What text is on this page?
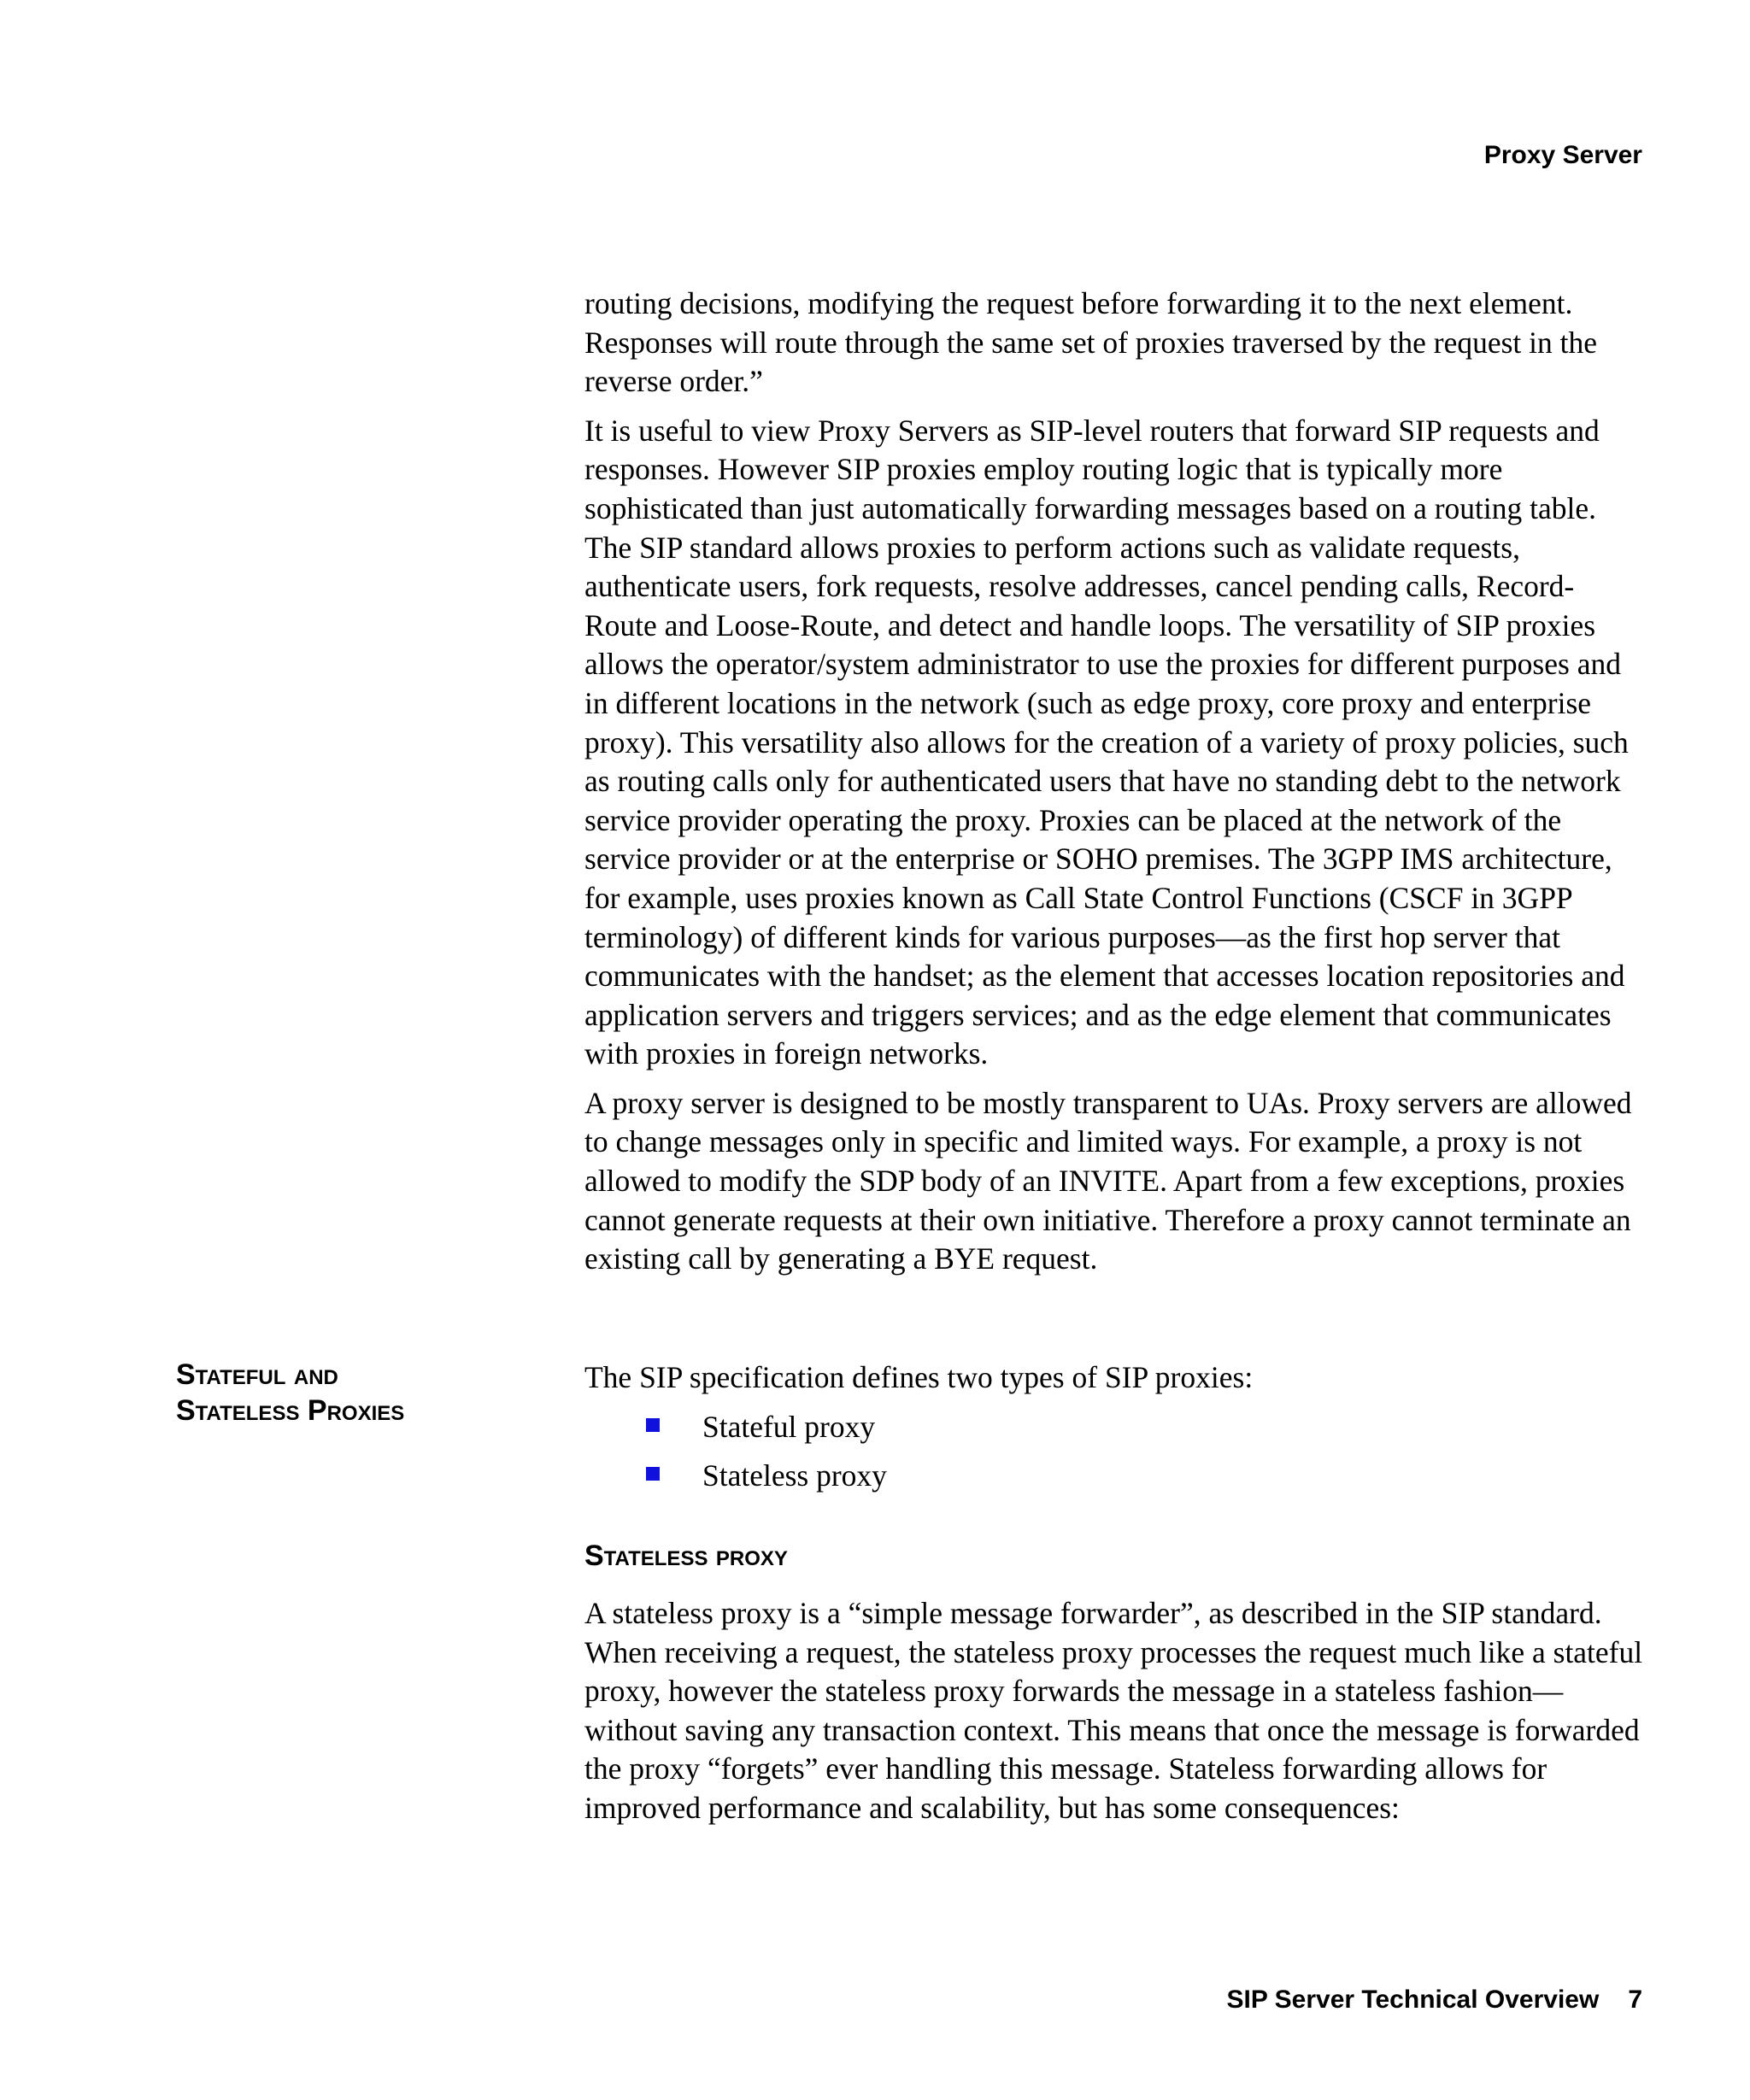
Proxy Server

routing decisions, modifying the request before forwarding it to the next element. Responses will route through the same set of proxies traversed by the request in the reverse order.”

It is useful to view Proxy Servers as SIP-level routers that forward SIP requests and responses. However SIP proxies employ routing logic that is typically more sophisticated than just automatically forwarding messages based on a routing table. The SIP standard allows proxies to perform actions such as validate requests, authenticate users, fork requests, resolve addresses, cancel pending calls, Record-Route and Loose-Route, and detect and handle loops. The versatility of SIP proxies allows the operator/system administrator to use the proxies for different purposes and in different locations in the network (such as edge proxy, core proxy and enterprise proxy). This versatility also allows for the creation of a variety of proxy policies, such as routing calls only for authenticated users that have no standing debt to the network service provider operating the proxy. Proxies can be placed at the network of the service provider or at the enterprise or SOHO premises. The 3GPP IMS architecture, for example, uses proxies known as Call State Control Functions (CSCF in 3GPP terminology) of different kinds for various purposes—as the first hop server that communicates with the handset; as the element that accesses location repositories and application servers and triggers services; and as the edge element that communicates with proxies in foreign networks.

A proxy server is designed to be mostly transparent to UAs. Proxy servers are allowed to change messages only in specific and limited ways. For example, a proxy is not allowed to modify the SDP body of an INVITE. Apart from a few exceptions, proxies cannot generate requests at their own initiative. Therefore a proxy cannot terminate an existing call by generating a BYE request.

Stateful and
Stateless Proxies

The SIP specification defines two types of SIP proxies:

Stateful proxy
Stateless proxy
Stateless proxy

A stateless proxy is a “simple message forwarder”, as described in the SIP standard. When receiving a request, the stateless proxy processes the request much like a stateful proxy, however the stateless proxy forwards the message in a stateless fashion—without saving any transaction context. This means that once the message is forwarded the proxy “forgets” ever handling this message. Stateless forwarding allows for improved performance and scalability, but has some consequences:

SIP Server Technical Overview 7
